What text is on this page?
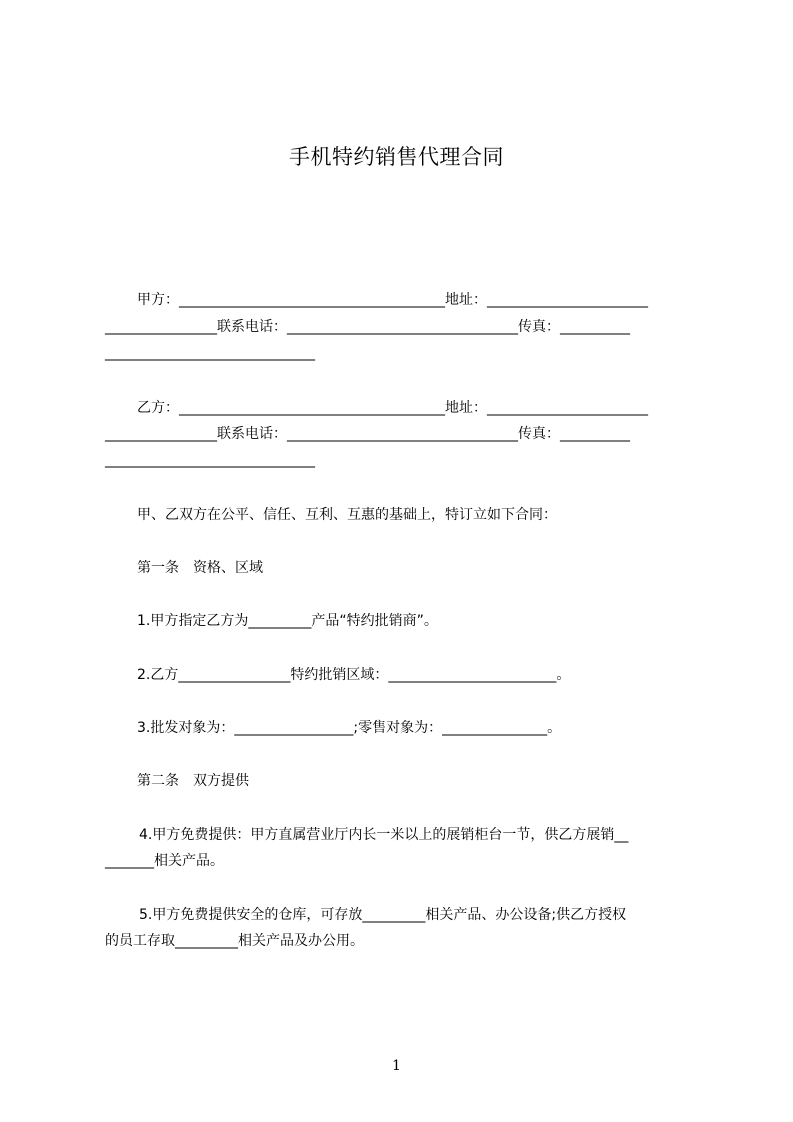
手机特约销售代理合同
甲方：______________________________________地址：_______________________
________________联系电话：_________________________________传真：__________
______________________________
乙方：______________________________________地址：_______________________
________________联系电话：_________________________________传真：__________
______________________________
甲、乙双方在公平、信任、互利、互惠的基础上，特订立如下合同：
第一条　资格、区域
1.甲方指定乙方为_________产品“特约批销商”。
2.乙方________________特约批销区域：________________________。
3.批发对象为：_________________;零售对象为：_______________。
第二条　双方提供
4.甲方免费提供：甲方直属营业厅内长一米以上的展销柜台一节，供乙方展销__
_______相关产品。
5.甲方免费提供安全的仓库，可存放_________相关产品、办公设备;供乙方授权
的员工存取_________相关产品及办公用。
1
